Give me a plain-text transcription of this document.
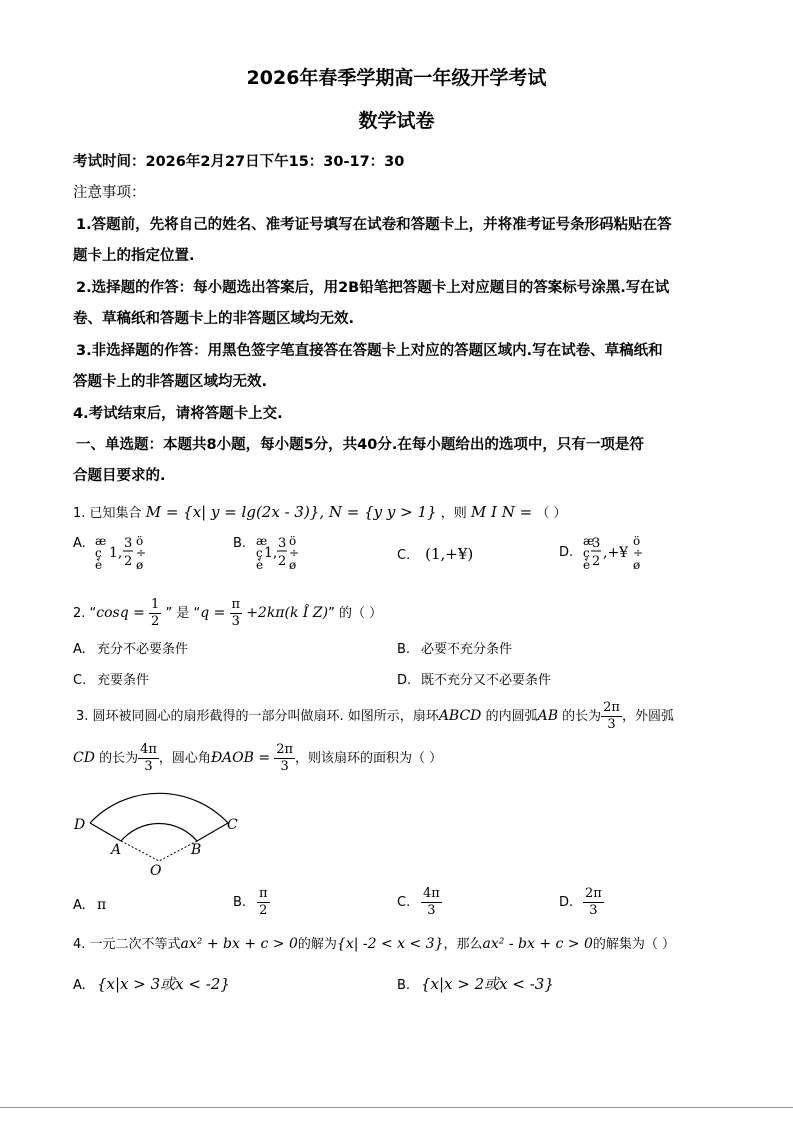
2026年春季学期高一年级开学考试
数学试卷
考试时间：2026年2月27日下午15：30-17：30
注意事项：
1.答题前，先将自己的姓名、准考证号填写在试卷和答题卡上，并将准考证号条形码粘贴在答
题卡上的指定位置.
2.选择题的作答：每小题选出答案后，用2B铅笔把答题卡上对应题目的答案标号涂黑.写在试
卷、草稿纸和答题卡上的非答题区域均无效.
3.非选择题的作答：用黑色签字笔直接答在答题卡上对应的答题区域内.写在试卷、草稿纸和
答题卡上的非答题区域均无效.
4.考试结束后，请将答题卡上交.
一、单选题：本题共8小题，每小题5分，共40分.在每小题给出的选项中，只有一项是符
合题目要求的.
1. 已知集合 M = {x| y = lg(2x - 3)}, N = {y y > 1} ，则 M I N = （ ）
A. æ
ç
è
1,
3
2
ö
÷
ø
B. æ
ç
è
1,
3
2
ö
÷
ø
C. (1,+¥)	D.
æ
ç
è
3
2
,+¥
ö
÷
ø
2. “$\cos q = \frac{1}{2}$ ” 是 “$q = \frac{\pi}{3} +2k\pi(k$ Î Z)” 的（ ）
A. 充分不必要条件	B. 必要不充分条件
C. 充要条件	D. 既不充分又不必要条件
3. 圆环被同圆心的扇形截得的一部分叫做扇环. 如图所示，扇环ABCD 的内圆弧AB 的长为 $\frac{2\pi}{3}$ ，外圆弧
CD 的长为 $\frac{4\pi}{3}$ ，圆心角ÐAOB = $\frac{2\pi}{3}$ ，则该扇环的面积为（ ）
D	C
A	B
O
A. π	B. $\frac{\pi}{2}$	C. $\frac{4\pi}{3}$	D. $\frac{2\pi}{3}$
4. 一元二次不等式ax² + bx + c > 0的解为{x| -2 < x < 3}，那么ax² - bx + c > 0的解集为（ ）
A. {x|x > 3或x < -2}	B. {x|x > 2或x < -3}
